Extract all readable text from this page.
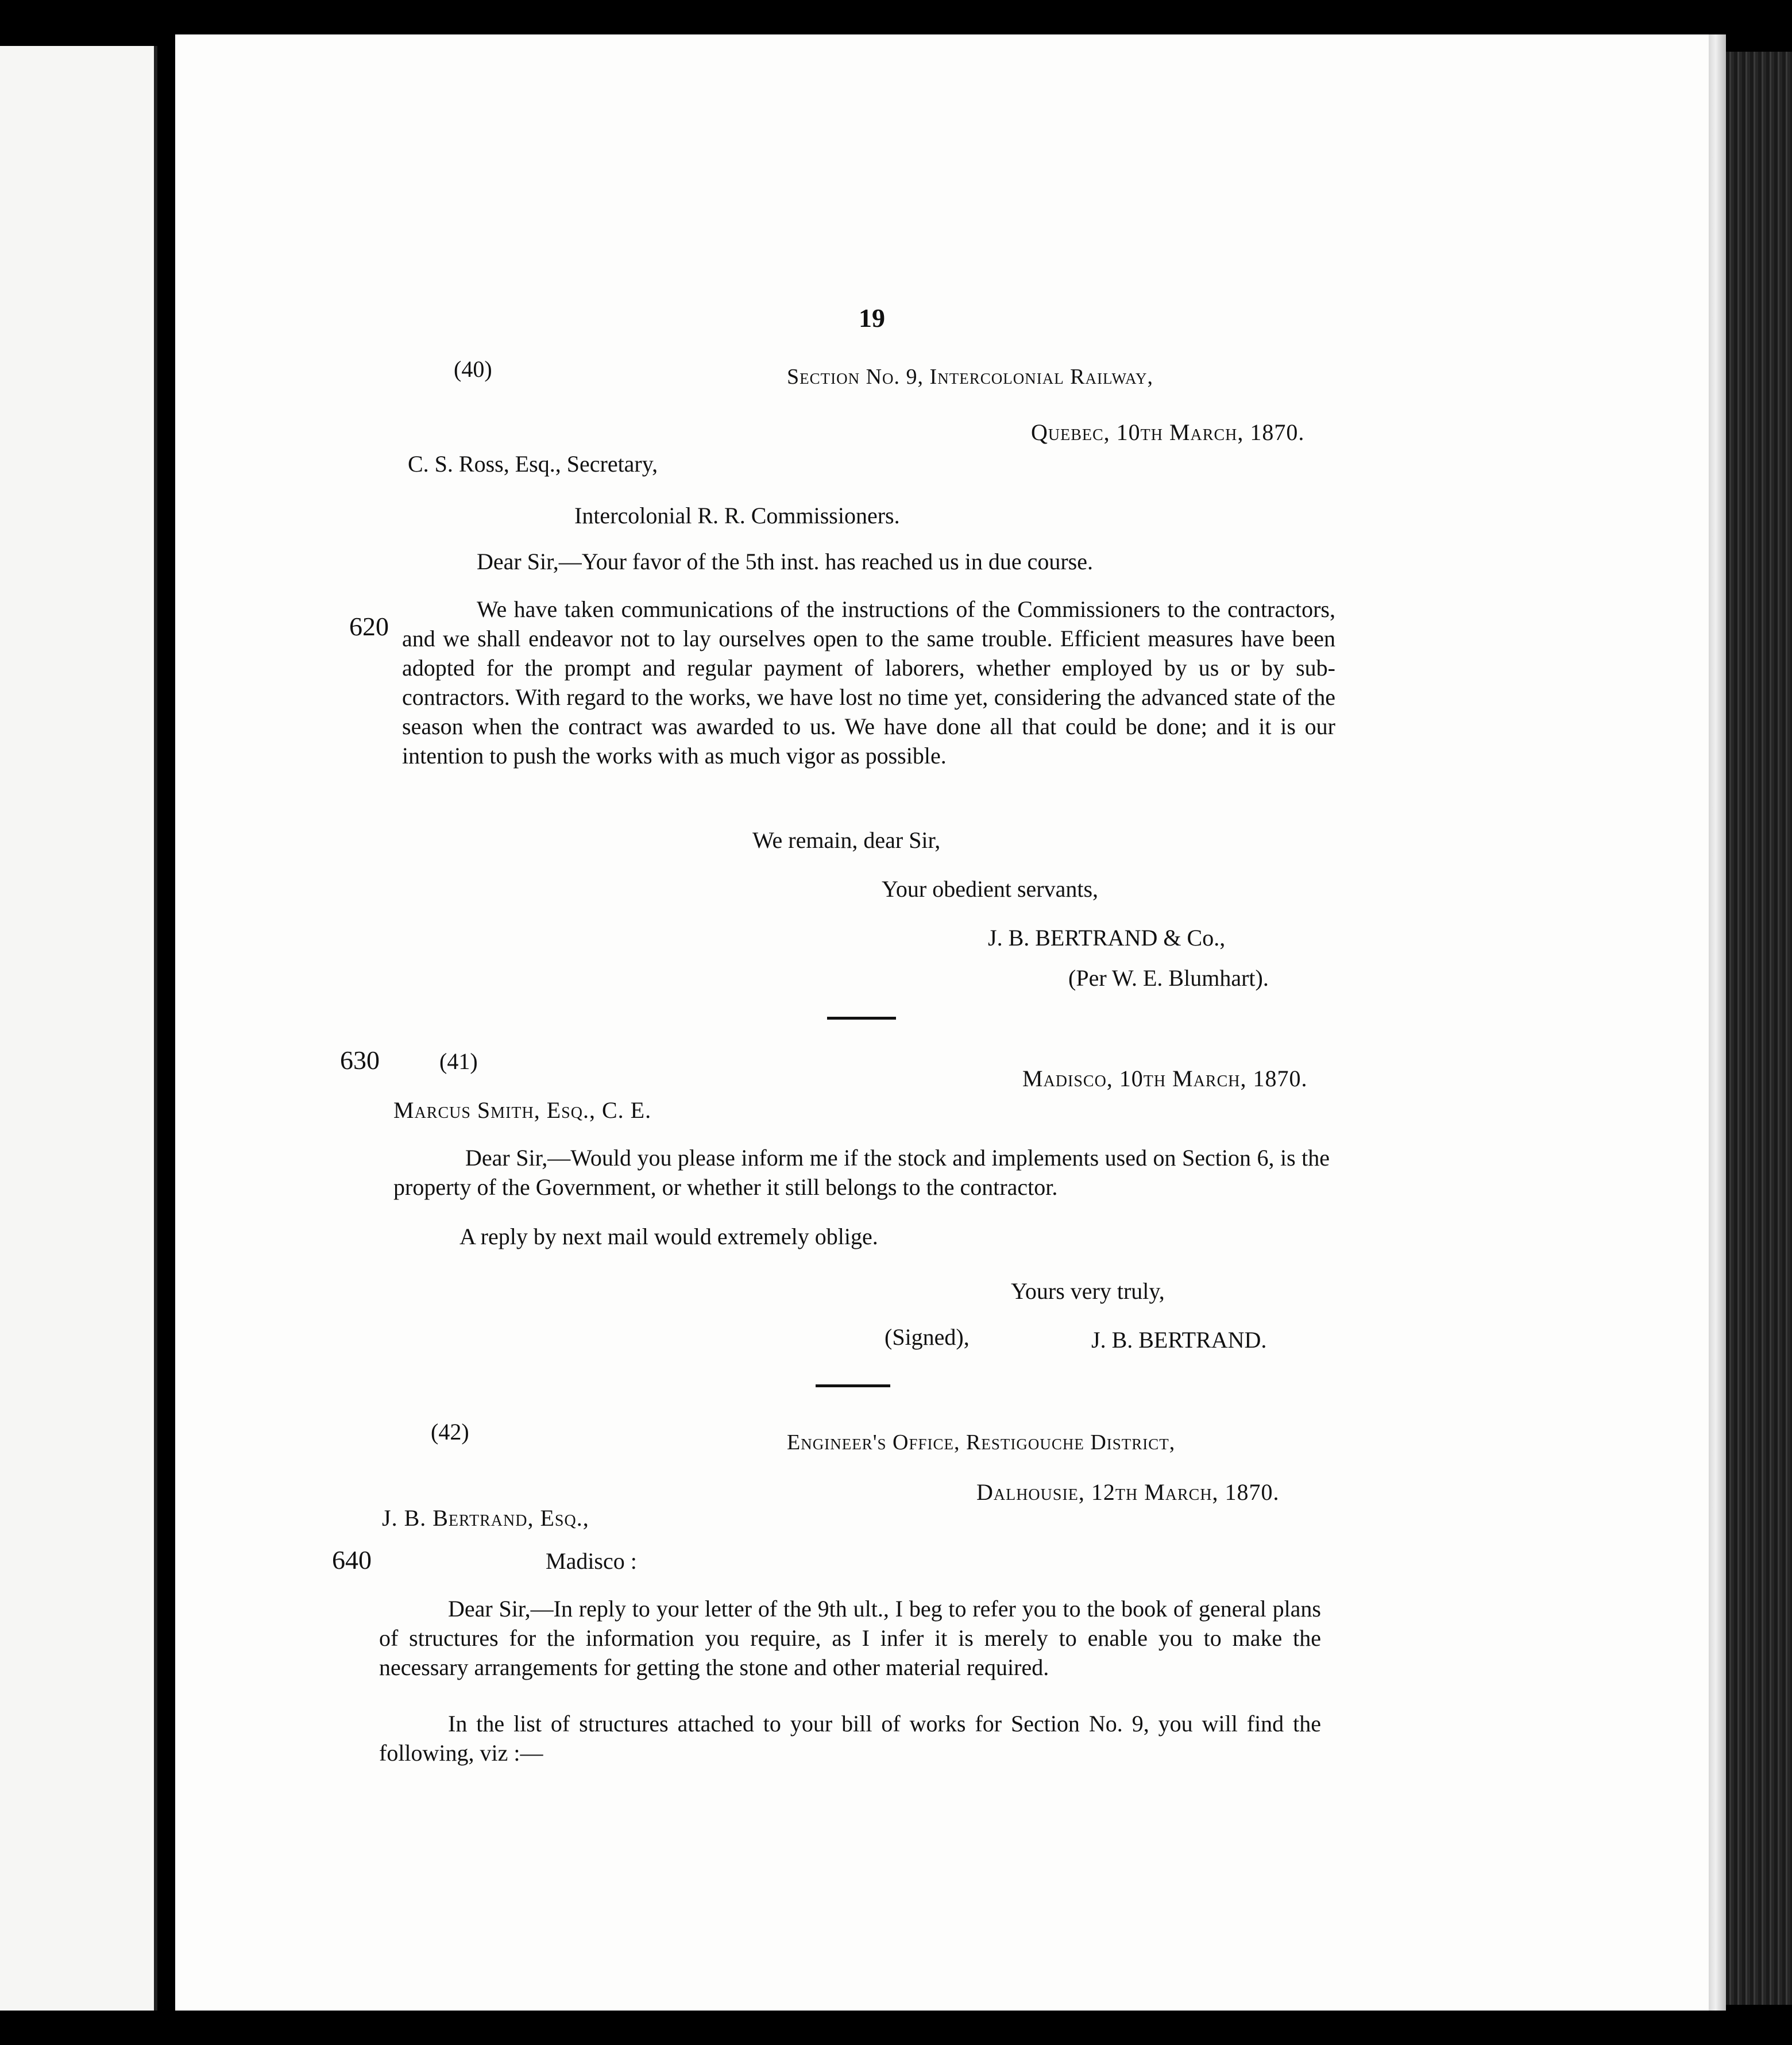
19
(40)	Section No. 9, Intercolonial Railway,
Quebec, 10th March, 1870.
C. S. Ross, Esq., Secretary,
Intercolonial R. R. Commissioners.
Dear Sir,—Your favor of the 5th inst. has reached us in due course.
620
We have taken communications of the instructions of the Commissioners to the contractors, and we shall endeavor not to lay ourselves open to the same trouble. Efficient measures have been adopted for the prompt and regular payment of laborers, whether employed by us or by sub-contractors. With regard to the works, we have lost no time yet, considering the advanced state of the season when the contract was awarded to us. We have done all that could be done; and it is our intention to push the works with as much vigor as possible.
We remain, dear Sir,
Your obedient servants,
J. B. BERTRAND & Co.,
(Per W. E. Blumhart).
630	(41)
Madisco, 10th March, 1870.
Marcus Smith, Esq., C. E.
Dear Sir,—Would you please inform me if the stock and implements used on Section 6, is the property of the Government, or whether it still belongs to the contractor.
A reply by next mail would extremely oblige.
Yours very truly,
(Signed),	J. B. BERTRAND.
(42)	Engineer's Office, Restigouche District,
Dalhousie, 12th March, 1870.
J. B. Bertrand, Esq.,
640	Madisco :
Dear Sir,—In reply to your letter of the 9th ult., I beg to refer you to the book of general plans of structures for the information you require, as I infer it is merely to enable you to make the necessary arrangements for getting the stone and other material required.
In the list of structures attached to your bill of works for Section No. 9, you will find the following, viz :—
